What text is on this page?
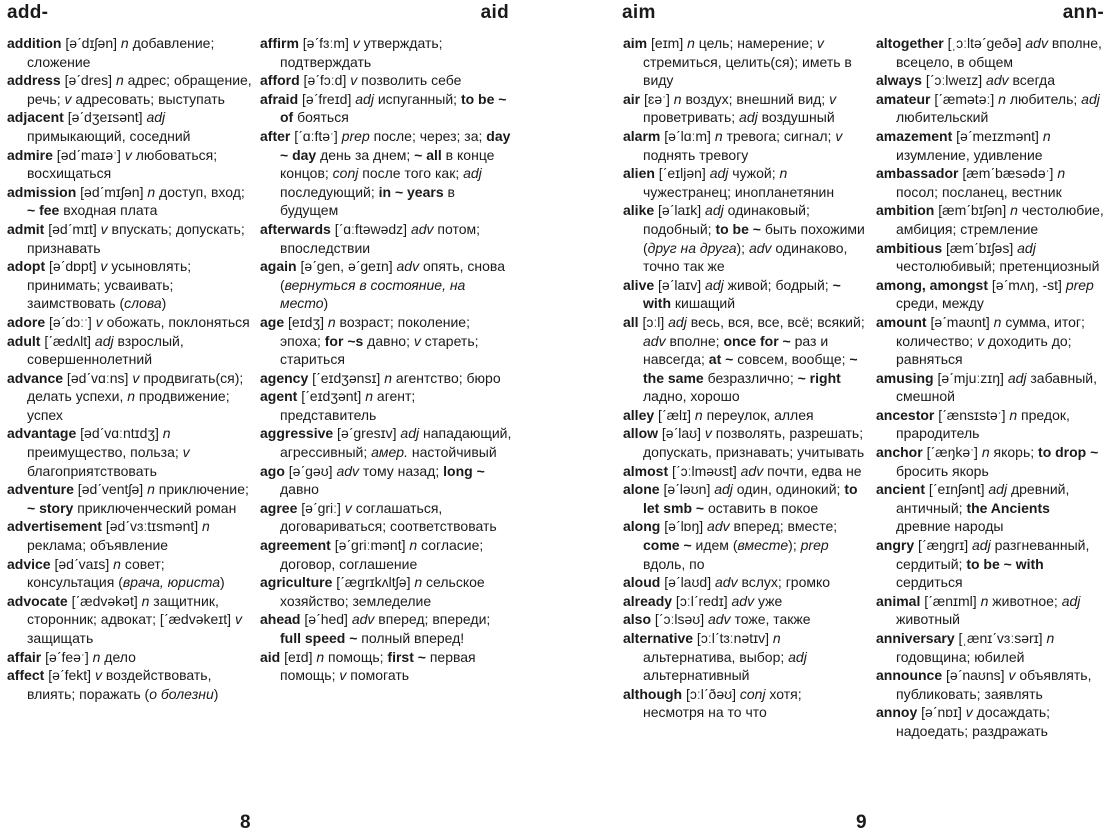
add-	aid
addition [əˊdɪʃən] n добавление; сложение
address [əˊdres] n адрес; обращение, речь; v адресовать; выступать
adjacent [əˊdʒeɪsənt] adj примыкающий, соседний
admire [ədˊmaɪəˑ] v любоваться; восхищаться
admission [ədˊmɪʃən] n доступ, вход; ~ fee входная плата
admit [ədˊmɪt] v впускать; допускать; признавать
adopt [əˊdɒpt] v усыновлять; принимать; усваивать; заимствовать (слова)
adore [əˊdɔːˑ] v обожать, поклоняться
adult [ˊædʌlt] adj взрослый, совершеннолетний
advance [ədˊvɑːns] v продвигать(ся); делать успехи, n продвижение; успех
advantage [ədˊvɑːntɪdʒ] n преимущество, польза; v благоприятствовать
adventure [ədˊventʃə] n приключение; ~ story приключенческий роман
advertisement [ədˊvɜːtɪsmənt] n реклама; объявление
advice [ədˊvaɪs] n совет; консультация (врача, юриста)
advocate [ˊædvəkət] n защитник, сторонник; адвокат; [ˊædvəkeɪt] v защищать
affair [əˊfeəˑ] n дело
affect [əˊfekt] v воздействовать, влиять; поражать (о болезни)
affirm [əˊfɜːm] v утверждать; подтверждать
afford [əˊfɔːd] v позволить себе
afraid [əˊfreɪd] adj испуганный; to be ~ of бояться
after [ˊɑːftəˑ] prep после; через; за; day ~ day день за днем; ~ all в конце концов; conj после того как; adj последующий; in ~ years в будущем
afterwards [ˊɑːftəwədz] adv потом; впоследствии
again [əˊgen, əˊgeɪn] adv опять, снова (вернуться в состояние, на место)
age [eɪdʒ] n возраст; поколение; эпоха; for ~s давно; v стареть; стариться
agency [ˊeɪdʒənsɪ] n агентство; бюро
agent [ˊeɪdʒənt] n агент; представитель
aggressive [əˊgresɪv] adj нападающий, агрессивный; амер. настойчивый
ago [əˊgəʊ] adv тому назад; long ~ давно
agree [əˊgriː] v соглашаться, договариваться; соответствовать
agreement [əˊgriːmənt] n согласие; договор, соглашение
agriculture [ˊægrɪkʌltʃə] n сельское хозяйство; земледелие
ahead [əˊhed] adv вперед; впереди; full speed ~ полный вперед!
aid [eɪd] n помощь; first ~ первая помощь; v помогать
8
aim	ann-
aim [eɪm] n цель; намерение; v стремиться, целить(ся); иметь в виду
air [ɛəˑ] n воздух; внешний вид; v проветривать; adj воздушный
alarm [əˊlɑːm] n тревога; сигнал; v поднять тревогу
alien [ˊeɪljən] adj чужой; n чужестранец; инопланетянин
alike [əˊlaɪk] adj одинаковый; подобный; to be ~ быть похожими (друг на друга); adv одинаково, точно так же
alive [əˊlaɪv] adj живой; бодрый; ~ with кишащий
all [ɔːl] adj весь, вся, все, всё; всякий; adv вполне; once for ~ раз и навсегда; at ~ совсем, вообще; ~ the same безразлично; ~ right ладно, хорошо
alley [ˊælɪ] n переулок, аллея
allow [əˊlaʊ] v позволять, разрешать; допускать, признавать; учитывать
almost [ˊɔːlməʊst] adv почти, едва не
alone [əˊləʊn] adj один, одинокий; to let smb ~ оставить в покое
along [əˊlɒŋ] adv вперед; вместе; come ~ идем (вместе); prep вдоль, по
aloud [əˊlaʊd] adv вслух; громко
already [ɔːlˊredɪ] adv уже
also [ˊɔːlsəʊ] adv тоже, также
alternative [ɔːlˊtɜːnətɪv] n альтернатива, выбор; adj альтернативный
although [ɔːlˊðəʊ] conj хотя; несмотря на то что
altogether [ˌɔːltəˊgeðə] adv вполне, всецело, в общем
always [ˊɔːlweɪz] adv всегда
amateur [ˊæmətəː] n любитель; adj любительский
amazement [əˊmeɪzmənt] n изумление, удивление
ambassador [æmˊbæsədəˑ] n посол; посланец, вестник
ambition [æmˊbɪʃən] n честолюбие, амбиция; стремление
ambitious [æmˊbɪʃəs] adj честолюбивый; претенциозный
among, amongst [əˊmʌŋ, -st] prep среди, между
amount [əˊmaʊnt] n сумма, итог; количество; v доходить до; равняться
amusing [əˊmjuːzɪŋ] adj забавный, смешной
ancestor [ˊænsɪstəˑ] n предок, прародитель
anchor [ˊæŋkəˑ] n якорь; to drop ~ бросить якорь
ancient [ˊeɪnʃənt] adj древний, античный; the Ancients древние народы
angry [ˊæŋgrɪ] adj разгневанный, сердитый; to be ~ with сердиться
animal [ˊænɪml] n животное; adj животный
anniversary [ˌænɪˊvɜːsərɪ] n годовщина; юбилей
announce [əˊnaʊns] v объявлять, публиковать; заявлять
annoy [əˊnɒɪ] v досаждать; надоедать; раздражать
9
